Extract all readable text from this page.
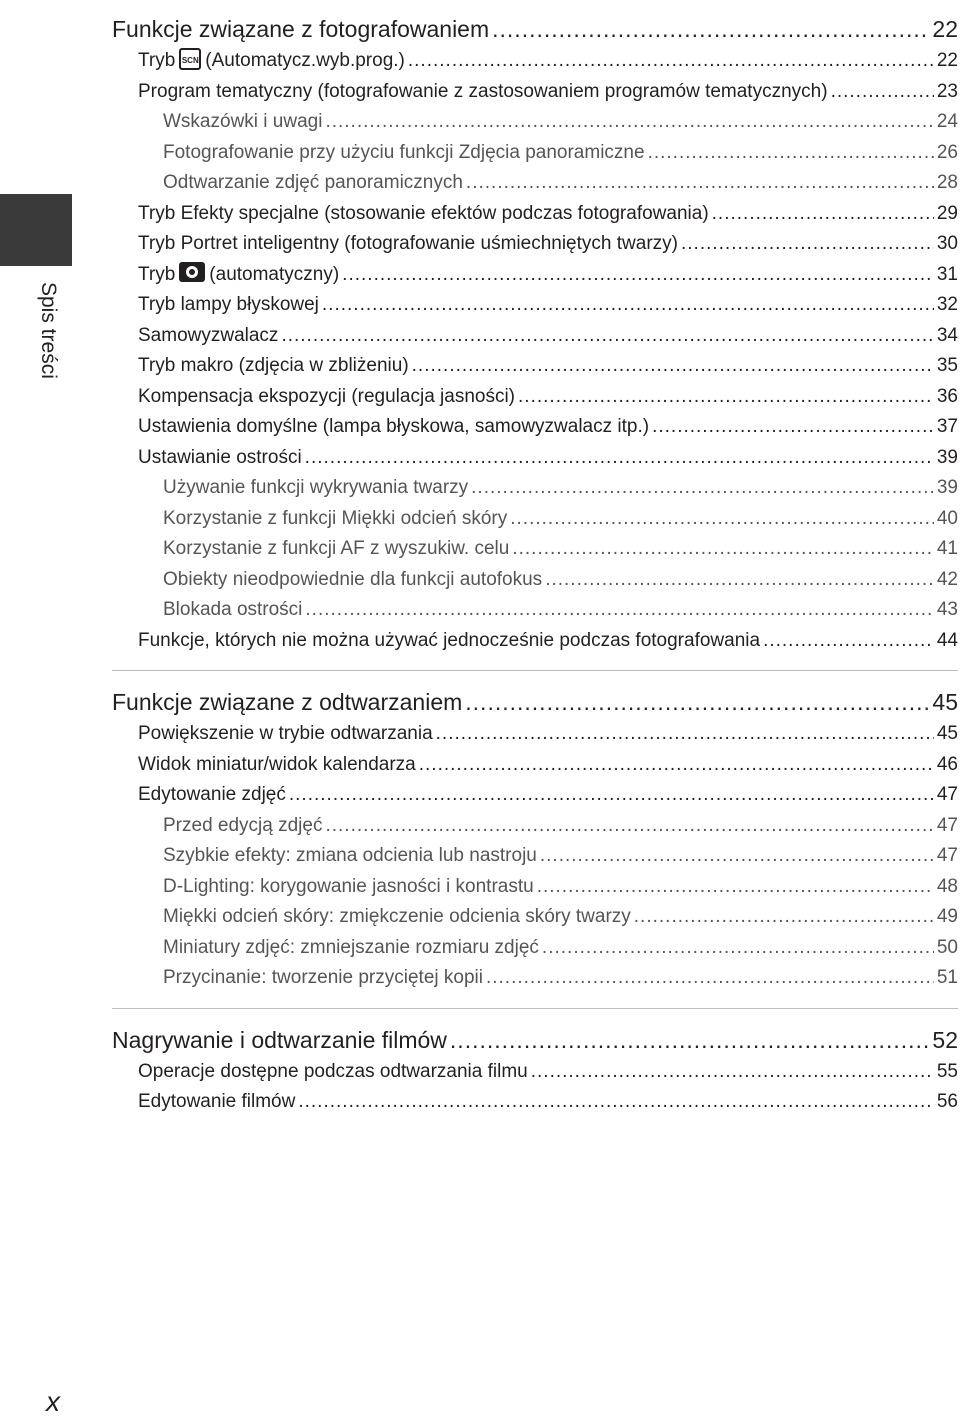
Spis treści
Funkcje związane z fotografowaniem .....	22
Tryb SCN (Automatycz.wyb.prog.) .....	22
Program tematyczny (fotografowanie z zastosowaniem programów tematycznych) .....	23
Wskazówki i uwagi .....	24
Fotografowanie przy użyciu funkcji Zdjęcia panoramiczne .....	26
Odtwarzanie zdjęć panoramicznych .....	28
Tryb Efekty specjalne (stosowanie efektów podczas fotografowania) .....	29
Tryb Portret inteligentny (fotografowanie uśmiechniętych twarzy) .....	30
Tryb (automatyczny) .....	31
Tryb lampy błyskowej .....	32
Samowyzwalacz .....	34
Tryb makro (zdjęcia w zbliżeniu) .....	35
Kompensacja ekspozycji (regulacja jasności) .....	36
Ustawienia domyślne (lampa błyskowa, samowyzwalacz itp.) .....	37
Ustawianie ostrości .....	39
Używanie funkcji wykrywania twarzy .....	39
Korzystanie z funkcji Miękki odcień skóry .....	40
Korzystanie z funkcji AF z wyszukiw. celu .....	41
Obiekty nieodpowiednie dla funkcji autofokus .....	42
Blokada ostrości .....	43
Funkcje, których nie można używać jednocześnie podczas fotografowania .....	44
Funkcje związane z odtwarzaniem .....	45
Powiększenie w trybie odtwarzania .....	45
Widok miniatur/widok kalendarza .....	46
Edytowanie zdjęć .....	47
Przed edycją zdjęć .....	47
Szybkie efekty: zmiana odcienia lub nastroju .....	47
D-Lighting: korygowanie jasności i kontrastu .....	48
Miękki odcień skóry: zmiękczenie odcienia skóry twarzy .....	49
Miniatury zdjęć: zmniejszanie rozmiaru zdjęć .....	50
Przycinanie: tworzenie przyciętej kopii .....	51
Nagrywanie i odtwarzanie filmów .....	52
Operacje dostępne podczas odtwarzania filmu .....	55
Edytowanie filmów .....	56
x
